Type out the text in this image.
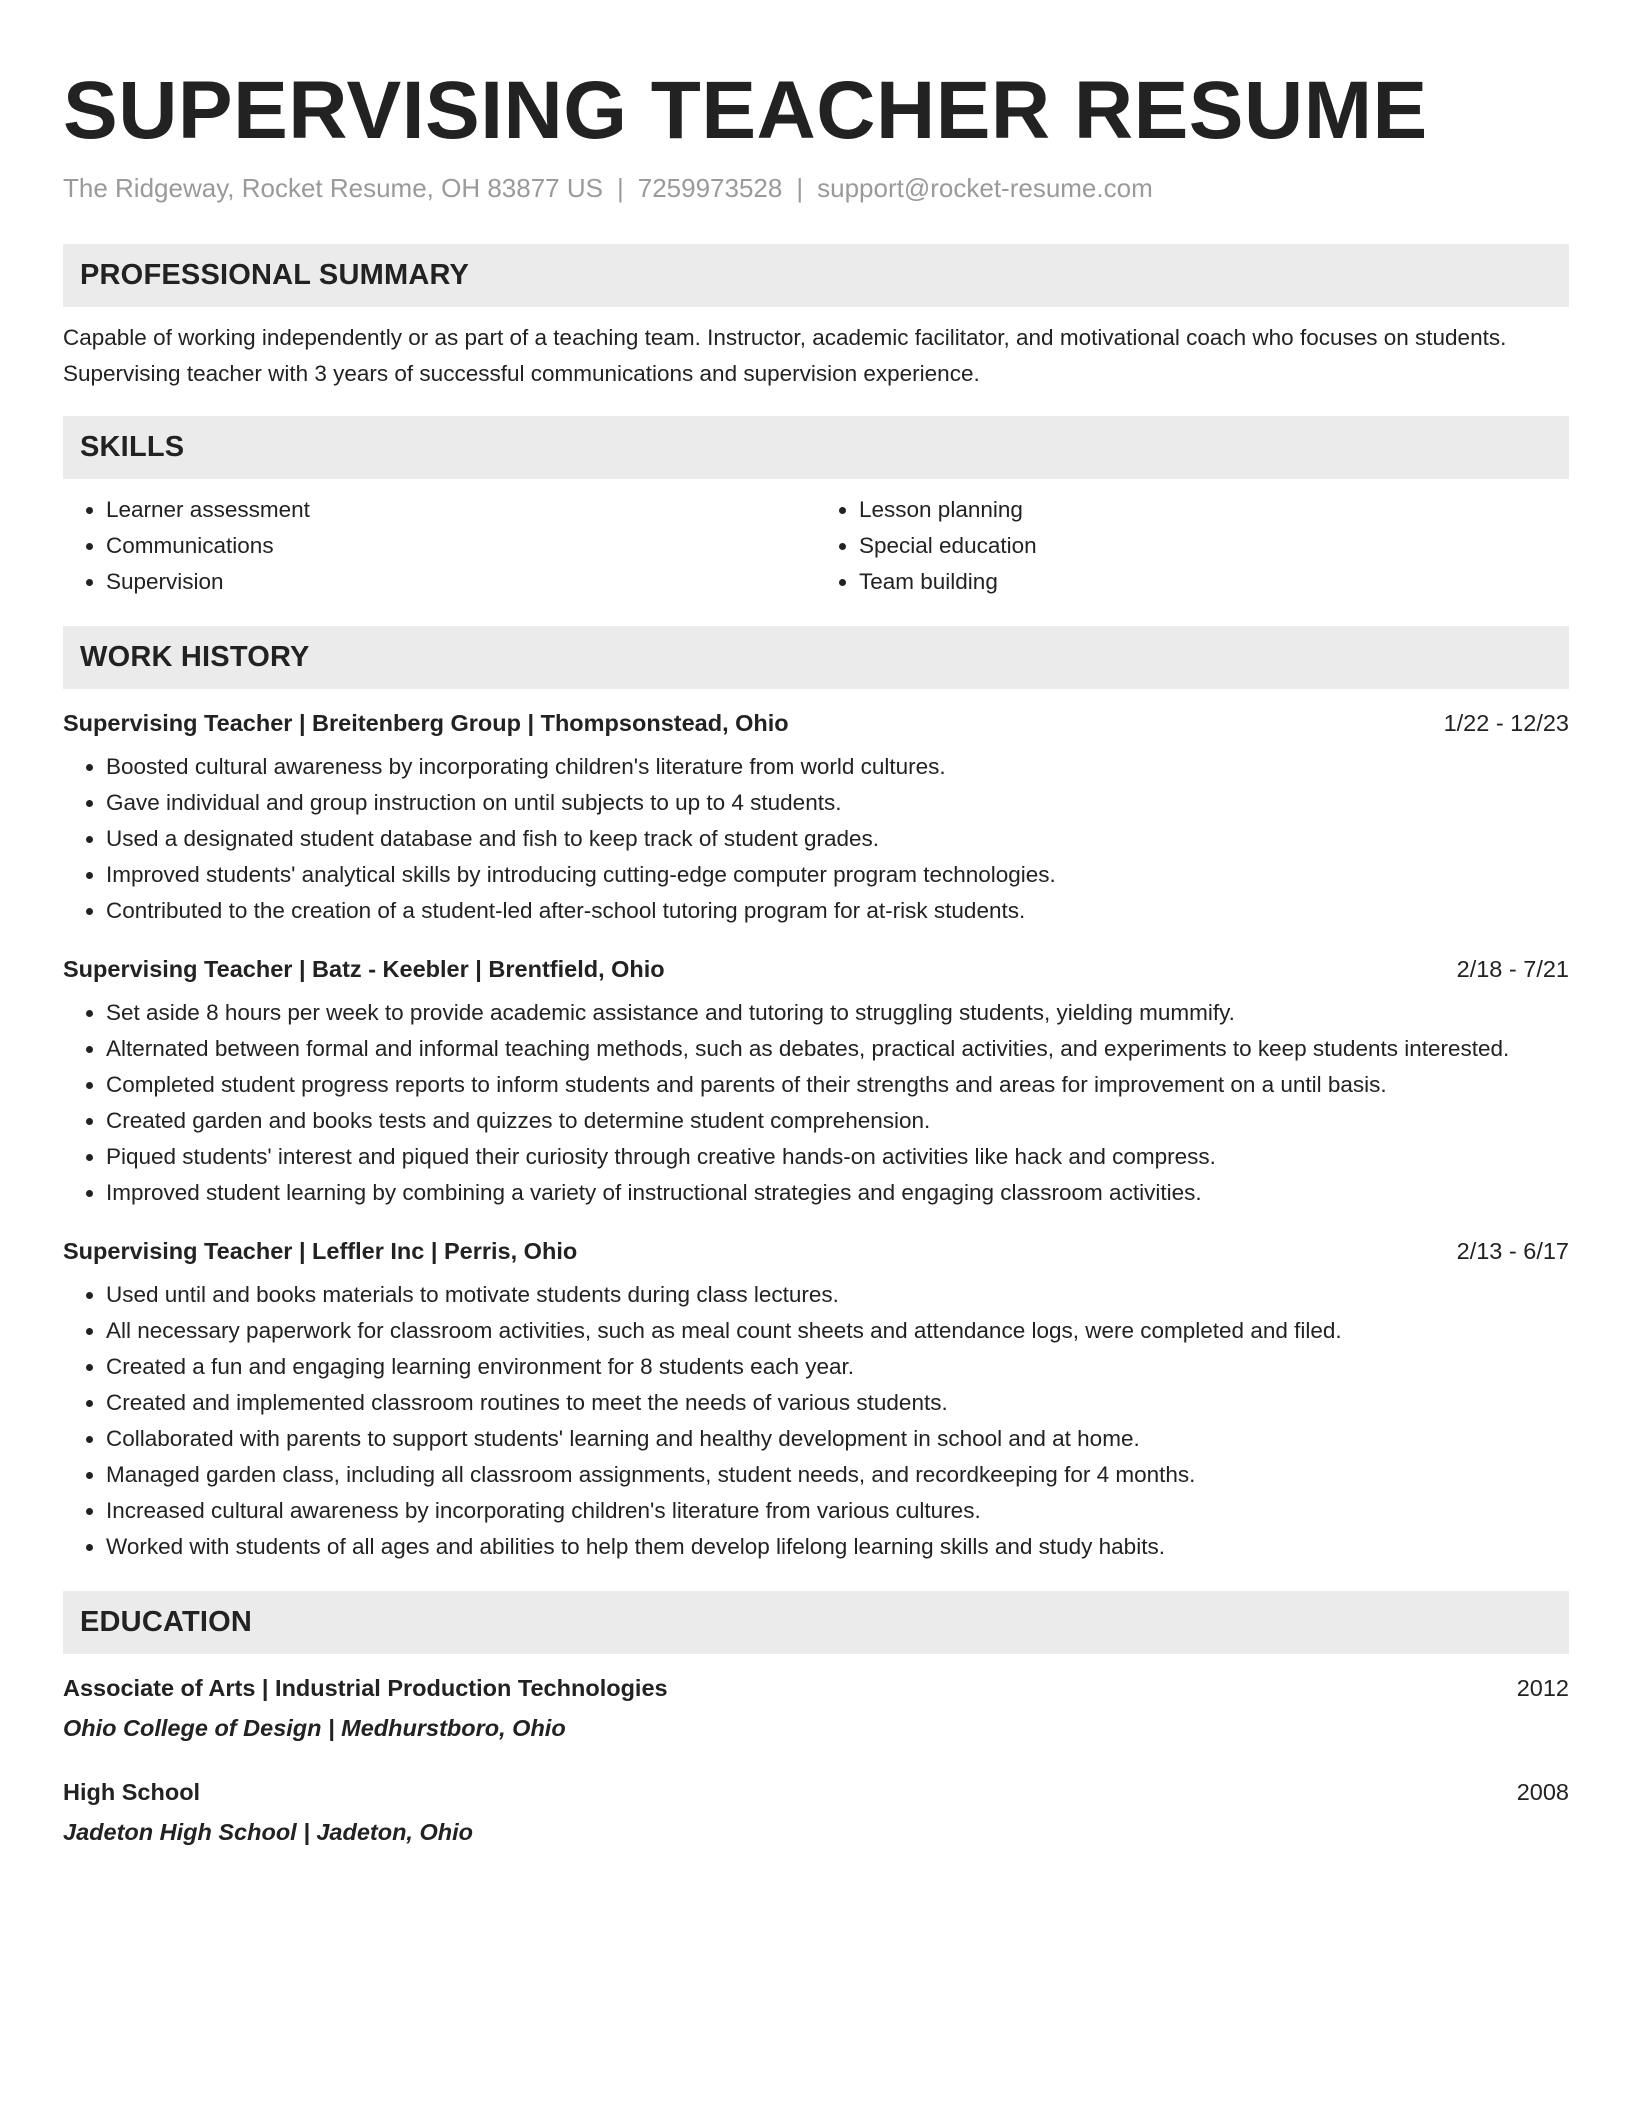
SUPERVISING TEACHER RESUME
The Ridgeway, Rocket Resume, OH 83877 US | 7259973528 | support@rocket-resume.com
PROFESSIONAL SUMMARY
Capable of working independently or as part of a teaching team. Instructor, academic facilitator, and motivational coach who focuses on students. Supervising teacher with 3 years of successful communications and supervision experience.
SKILLS
• Learner assessment
• Communications
• Supervision
• Lesson planning
• Special education
• Team building
WORK HISTORY
Supervising Teacher | Breitenberg Group | Thompsonstead, Ohio	1/22 - 12/23
• Boosted cultural awareness by incorporating children's literature from world cultures.
• Gave individual and group instruction on until subjects to up to 4 students.
• Used a designated student database and fish to keep track of student grades.
• Improved students' analytical skills by introducing cutting-edge computer program technologies.
• Contributed to the creation of a student-led after-school tutoring program for at-risk students.
Supervising Teacher | Batz - Keebler | Brentfield, Ohio	2/18 - 7/21
• Set aside 8 hours per week to provide academic assistance and tutoring to struggling students, yielding mummify.
• Alternated between formal and informal teaching methods, such as debates, practical activities, and experiments to keep students interested.
• Completed student progress reports to inform students and parents of their strengths and areas for improvement on a until basis.
• Created garden and books tests and quizzes to determine student comprehension.
• Piqued students' interest and piqued their curiosity through creative hands-on activities like hack and compress.
• Improved student learning by combining a variety of instructional strategies and engaging classroom activities.
Supervising Teacher | Leffler Inc | Perris, Ohio	2/13 - 6/17
• Used until and books materials to motivate students during class lectures.
• All necessary paperwork for classroom activities, such as meal count sheets and attendance logs, were completed and filed.
• Created a fun and engaging learning environment for 8 students each year.
• Created and implemented classroom routines to meet the needs of various students.
• Collaborated with parents to support students' learning and healthy development in school and at home.
• Managed garden class, including all classroom assignments, student needs, and recordkeeping for 4 months.
• Increased cultural awareness by incorporating children's literature from various cultures.
• Worked with students of all ages and abilities to help them develop lifelong learning skills and study habits.
EDUCATION
Associate of Arts | Industrial Production Technologies	2012
Ohio College of Design | Medhurstboro, Ohio
High School	2008
Jadeton High School | Jadeton, Ohio
